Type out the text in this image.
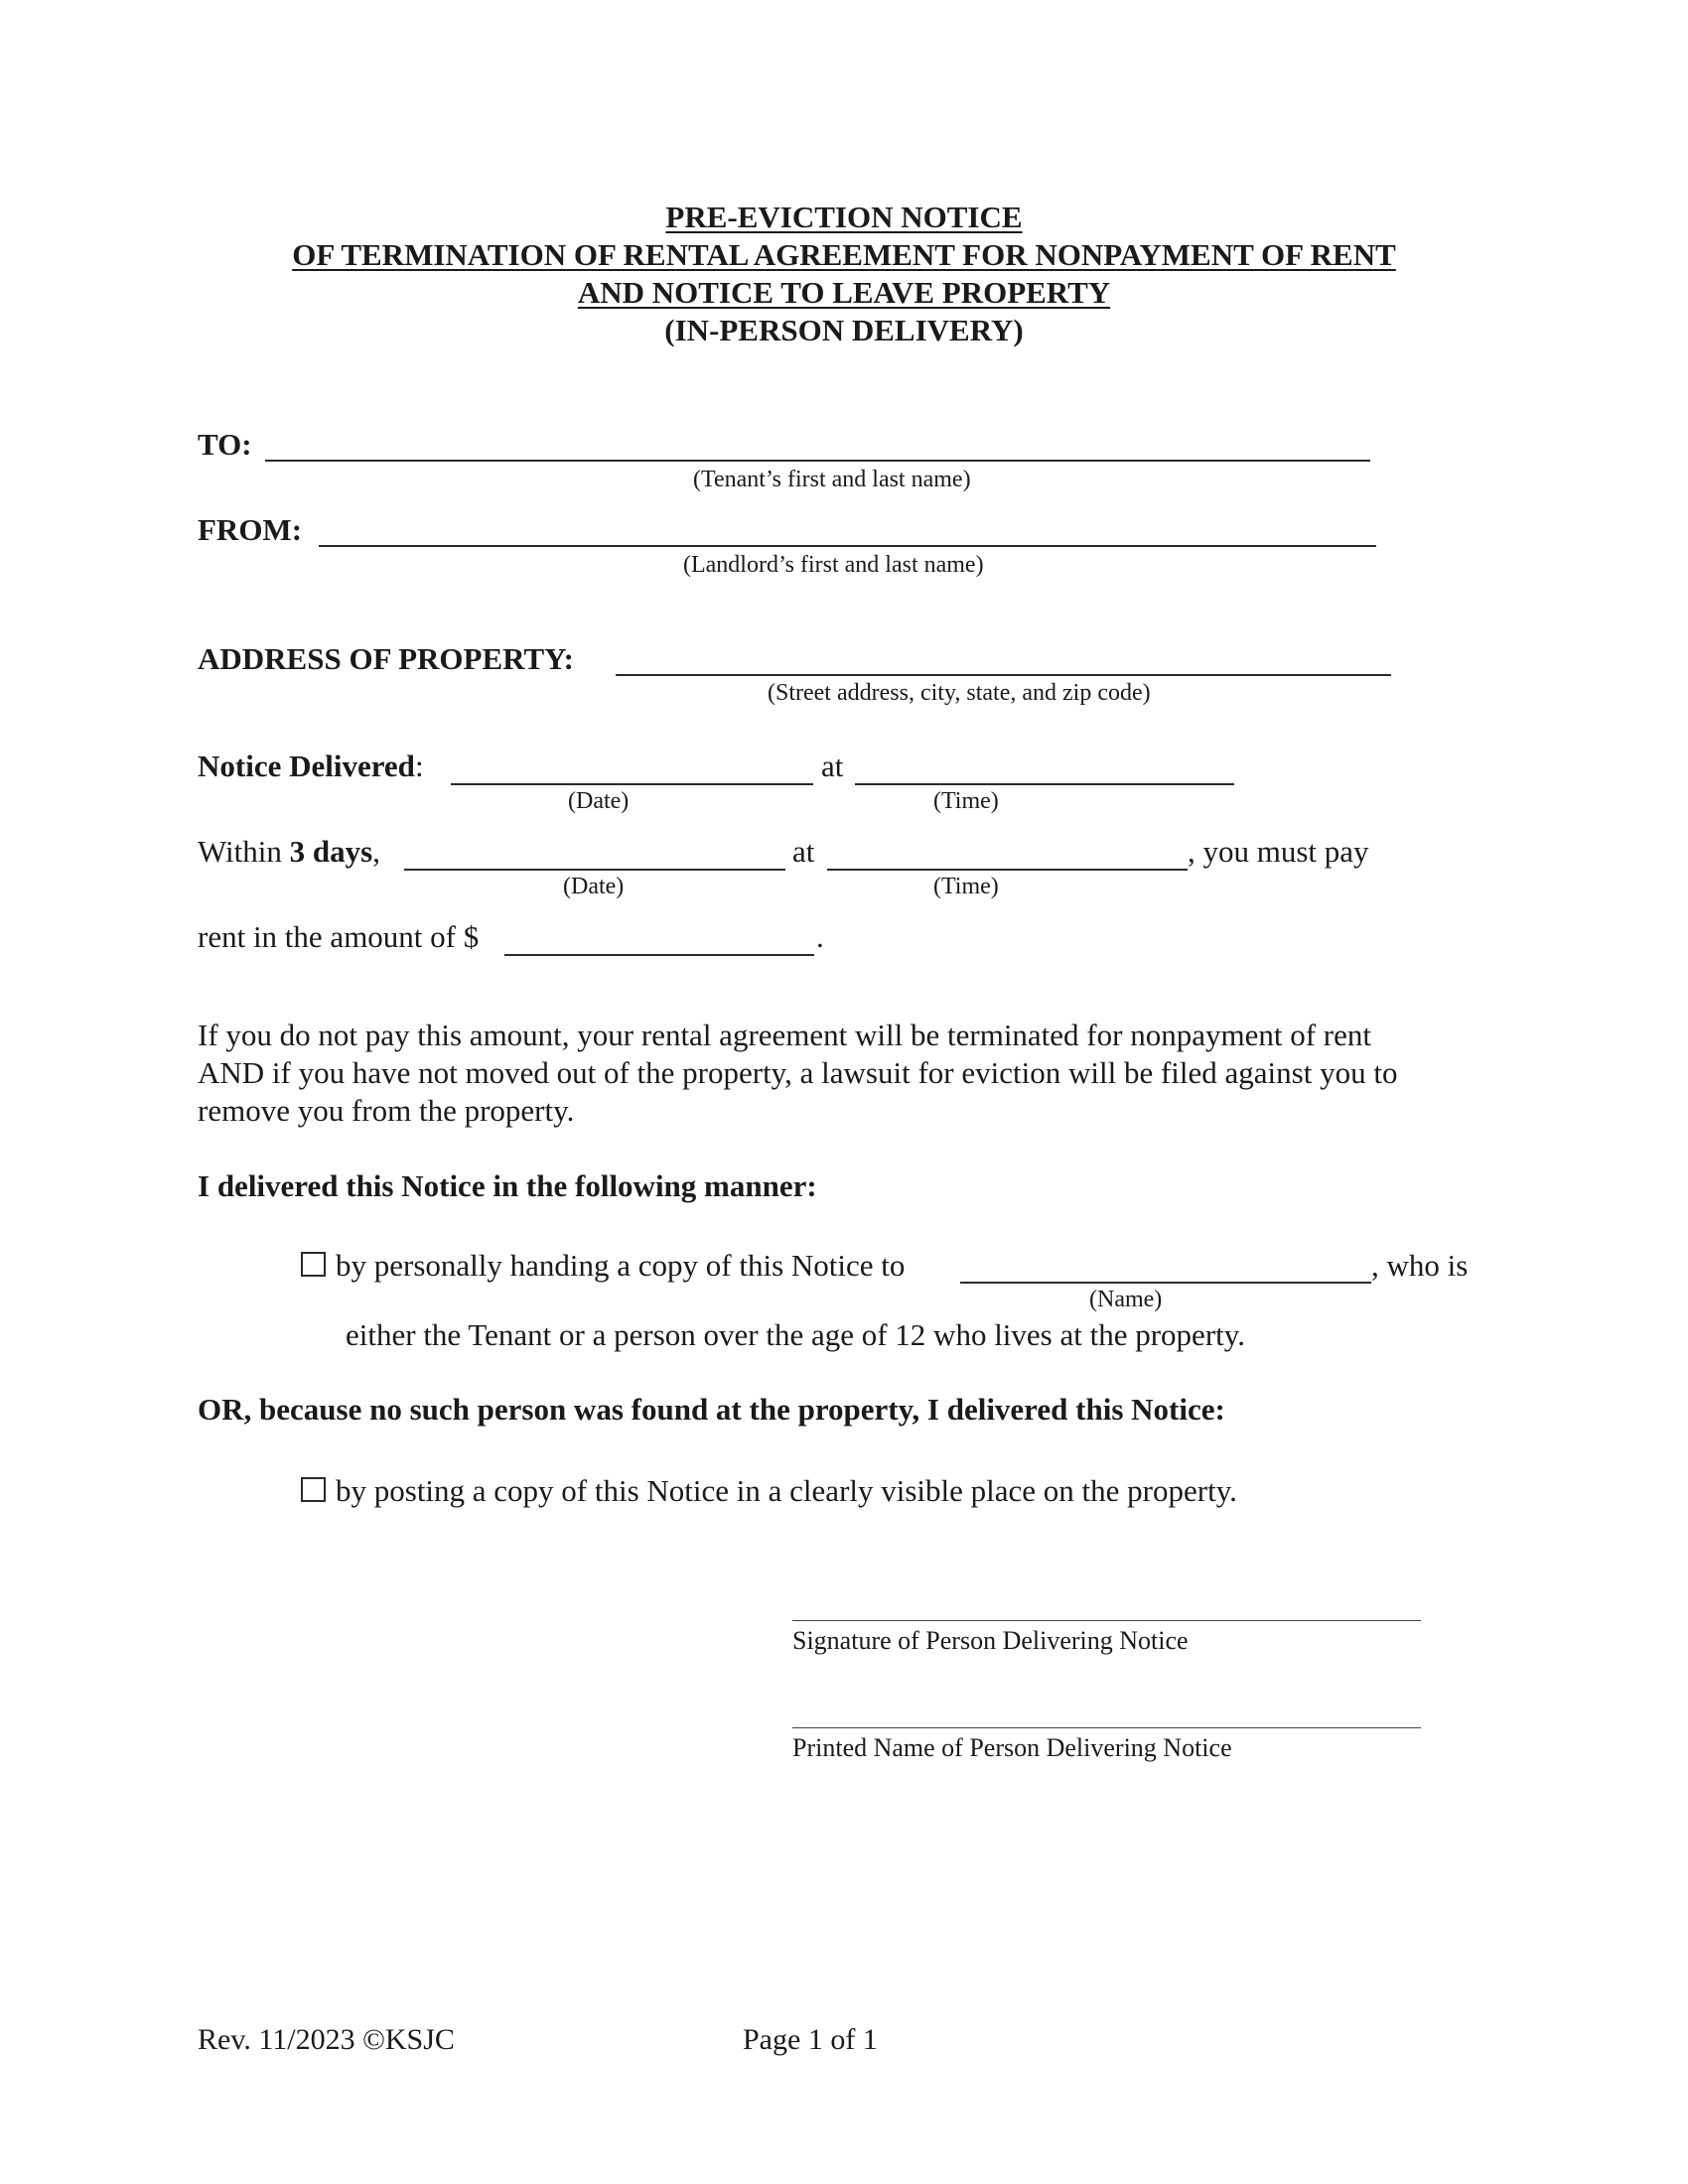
PRE-EVICTION NOTICE
OF TERMINATION OF RENTAL AGREEMENT FOR NONPAYMENT OF RENT
AND NOTICE TO LEAVE PROPERTY
(IN-PERSON DELIVERY)
TO:
(Tenant’s first and last name)
FROM:
(Landlord’s first and last name)
ADDRESS OF PROPERTY:
(Street address, city, state, and zip code)
Notice Delivered:	at
(Date)	(Time)
Within 3 days,	at	, you must pay
(Date)	(Time)
rent in the amount of $	.
If you do not pay this amount, your rental agreement will be terminated for nonpayment of rent
AND if you have not moved out of the property, a lawsuit for eviction will be filed against you to
remove you from the property.
I delivered this Notice in the following manner:
by personally handing a copy of this Notice to	, who is
(Name)
either the Tenant or a person over the age of 12 who lives at the property.
OR, because no such person was found at the property, I delivered this Notice:
by posting a copy of this Notice in a clearly visible place on the property.
Signature of Person Delivering Notice
Printed Name of Person Delivering Notice
Rev. 11/2023 ©KSJC	Page 1 of 1
